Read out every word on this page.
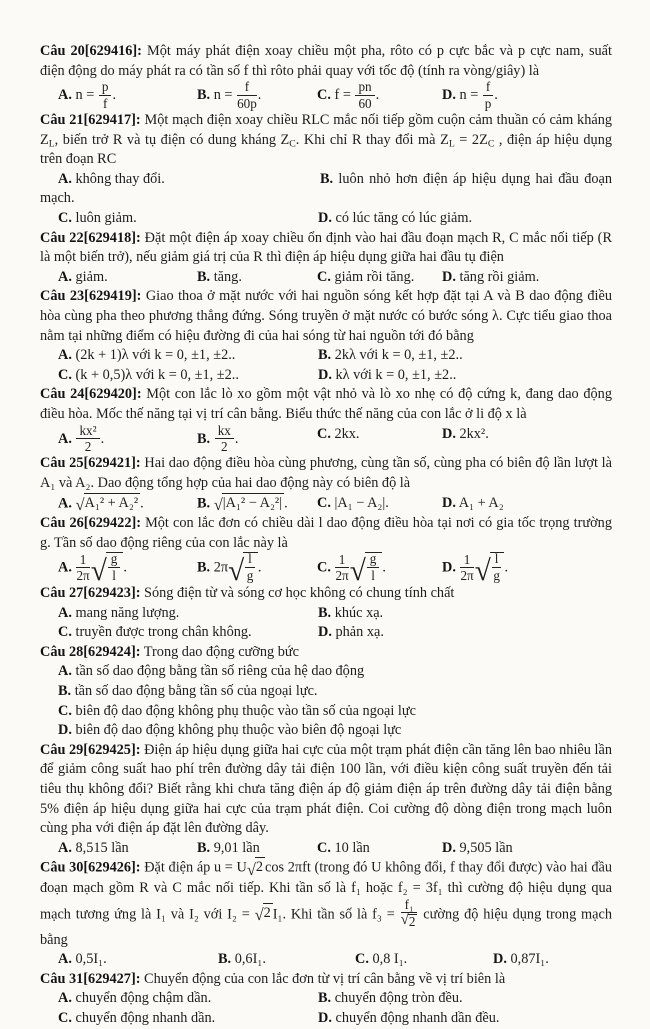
Câu 20[629416]: Một máy phát điện xoay chiều một pha, rôto có p cực bắc và p cực nam, suất điện động do máy phát ra có tần số f thì rôto phải quay với tốc độ (tính ra vòng/giây) là
A. $n = \frac{p}{f}$ .	B. $n = \frac{f}{60p}$ .	C. $f = \frac{pn}{60}$ .	D. $n = \frac{f}{p}$ .
Câu 21[629417]: Một mạch điện xoay chiều RLC mắc nối tiếp gồm cuộn cảm thuần có cảm kháng $Z_L$, biến trở R và tụ điện có dung kháng $Z_C$. Khi chỉ R thay đổi mà $Z_L = 2Z_C$ , điện áp hiệu dụng trên đoạn RC
A. không thay đổi.	B. luôn nhỏ hơn điện áp hiệu dụng hai đầu đoạn mạch.
C. luôn giảm.	D. có lúc tăng có lúc giảm.
Câu 22[629418]: Đặt một điện áp xoay chiều ổn định vào hai đầu đoạn mạch R, C mắc nối tiếp (R là một biến trở), nếu giảm giá trị của R thì điện áp hiệu dụng giữa hai đầu tụ điện
A. giảm.	B. tăng.	C. giảm rồi tăng. D. tăng rồi giảm.
Câu 23[629419]: Giao thoa ở mặt nước với hai nguồn sóng kết hợp đặt tại A và B dao động điều hòa cùng pha theo phương thẳng đứng. Sóng truyền ở mặt nước có bước sóng λ. Cực tiểu giao thoa nằm tại những điểm có hiệu đường đi của hai sóng từ hai nguồn tới đó bằng
A. (2k + 1)λ với k = 0, ±1, ±2..	B. 2kλ với k = 0, ±1, ±2..
C. (k + 0,5)λ với k = 0, ±1, ±2..	D. kλ với k = 0, ±1, ±2..
Câu 24[629420]: Một con lắc lò xo gồm một vật nhỏ và lò xo nhẹ có độ cứng k, đang dao động điều hòa. Mốc thế năng tại vị trí cân bằng. Biểu thức thế năng của con lắc ở li độ x là
A. $\frac{\text{kx²}}{2}$ .	B. $\frac{kx}{2}$ .	C. 2kx.	D. 2kx².
Câu 25[629421]: Hai dao động điều hòa cùng phương, cùng tần số, cùng pha có biên độ lần lượt là A₁ và A₂. Dao động tổng hợp của hai dao động này có biên độ là
A. √ A₁² + A₂² .	B. √ |A₁² − A₂²| . C. |A₁ − A₂|.	D. A₁ + A₂
Câu 26[629422]: Một con lắc đơn có chiều dài l dao động điều hòa tại nơi có gia tốc trọng trường g. Tần số dao động riêng của con lắc này là
A. $\frac{1}{2\pi}$ √ $\frac{g}{l}$ .	B. 2π √ $\frac{l}{g}$ .	C. $\frac{1}{2\pi}$ √ $\frac{g}{l}$ .	D. $\frac{1}{2\pi}$ √ $\frac{l}{g}$ .
Câu 27[629423]: Sóng điện từ và sóng cơ học không có chung tính chất
A. mang năng lượng.	B. khúc xạ.
C. truyền được trong chân không.	D. phản xạ.
Câu 28[629424]: Trong dao động cưỡng bức
A. tần số dao động bằng tần số riêng của hệ dao động
B. tần số dao động bằng tần số của ngoại lực.
C. biên độ dao động không phụ thuộc vào tần số của ngoại lực
D. biên độ dao động không phụ thuộc vào biên độ ngoại lực
Câu 29[629425]: Điện áp hiệu dụng giữa hai cực của một trạm phát điện cần tăng lên bao nhiêu lần để giảm công suất hao phí trên đường dây tải điện 100 lần, với điều kiện công suất truyền đến tải tiêu thụ không đổi? Biết rằng khi chưa tăng điện áp độ giảm điện áp trên đường dây tải điện bằng 5% điện áp hiệu dụng giữa hai cực của trạm phát điện. Coi cường độ dòng điện trong mạch luôn cùng pha với điện áp đặt lên đường dây.
A. 8,515 lần	B. 9,01 lần	C. 10 lần	D. 9,505 lần
Câu 30[629426]: Đặt điện áp u = U √ 2 cos 2πft (trong đó U không đổi, f thay đổi được) vào hai đầu đoạn mạch gồm R và C mắc nối tiếp. Khi tần số là f₁ hoặc f₂ = 3f₁ thì cường độ hiệu dụng qua mạch tương ứng là I₁ và I₂ với I₂ = √ 2 I₁. Khi tần số là $f_3 = \frac{\text{f₁}}{√ 2}$ cường độ hiệu dụng trong mạch bằng
A. 0,5I₁.	B. 0,6I₁.	C. 0,8 I₁.	D. 0,87I₁.
Câu 31[629427]: Chuyển động của con lắc đơn từ vị trí cân bằng về vị trí biên là
A. chuyển động chậm dần.	B. chuyển động tròn đều.
C. chuyển động nhanh dần.	D. chuyển động nhanh dần đều.
